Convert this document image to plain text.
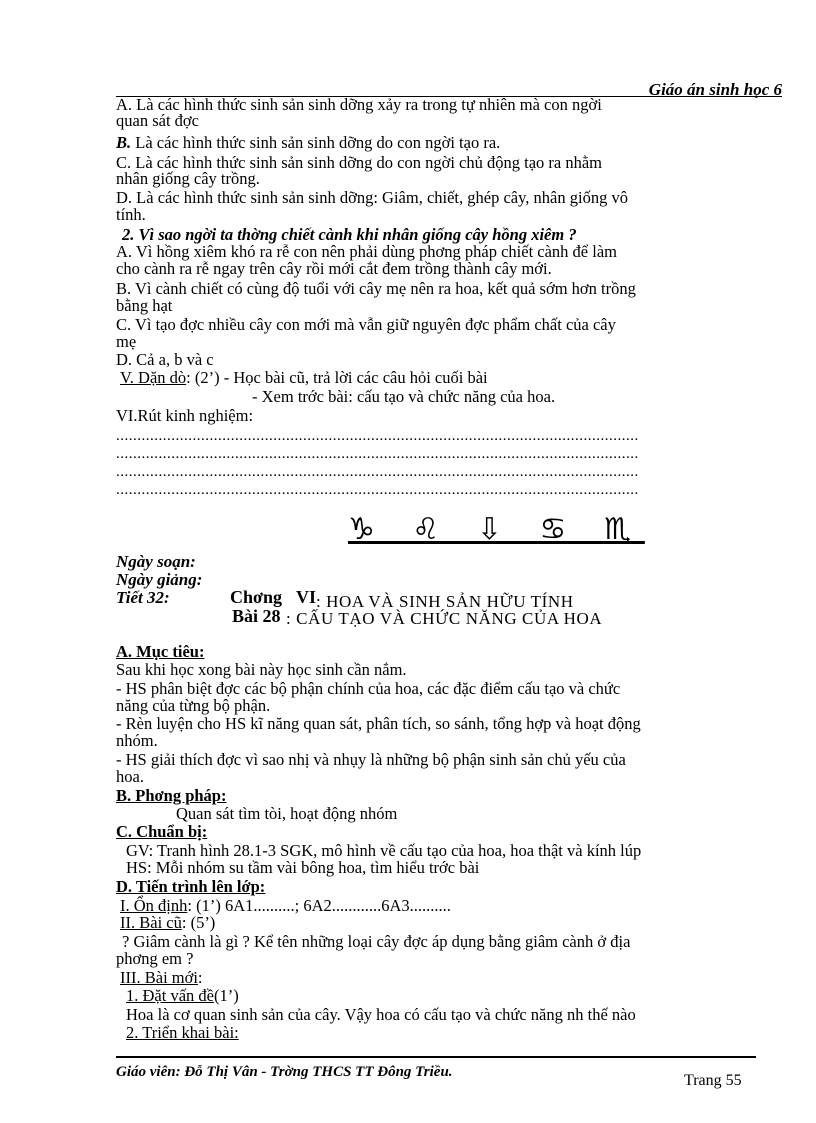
Giáo án sinh học 6
A. Là các hình thức sinh sản sinh dỡng xảy ra trong tự nhiên mà con ngời
quan sát đợc
B. Là các hình thức sinh sản sinh dỡng do con ngời tạo ra.
C. Là các hình thức sinh sản sinh dỡng do con ngời chủ động tạo ra nhằm
nhân giống cây trồng.
D. Là các hình thức sinh sản sinh dỡng: Giâm, chiết, ghép cây, nhân giống vô
tính.
2. Vì sao ngời ta thờng chiết cành khi nhân giống cây hồng xiêm ?
A. Vì hồng xiêm khó ra rễ con nên phải dùng phơng pháp chiết cành để làm
cho cành ra rễ ngay trên cây rồi mới cắt đem trồng thành cây mới.
B. Vì cành chiết có cùng độ tuổi với cây mẹ nên ra hoa, kết quả sớm hơn trồng
bằng hạt
C. Vì tạo đợc nhiều cây con mới mà vẫn giữ nguyên đợc phẩm chất của cây
mẹ
D. Cả a, b và c
V. Dặn dò: (2’) - Học bài cũ, trả lời các câu hỏi cuối bài
- Xem trớc bài: cấu tạo và chức năng của hoa.
VI.Rút kinh nghiệm:
...........................................................................................................................
...........................................................................................................................
...........................................................................................................................
...........................................................................................................................
♑ ♌ ⇩ ♋ ♏
Ngày soạn:
Ngày giảng:
Tiết 32:	Chơng VI : HOA VÀ SINH SẢN HỮU TÍNH
Bài 28 : CẤU TẠO VÀ CHỨC NĂNG CỦA HOA
A. Mục tiêu:
Sau khi học xong bài này học sinh cần nắm.
- HS phân biệt đợc các bộ phận chính của hoa, các đặc điểm cấu tạo và chức
năng của từng bộ phận.
- Rèn luyện cho HS kĩ năng quan sát, phân tích, so sánh, tổng hợp và hoạt động
nhóm.
- HS giải thích đợc vì sao nhị và nhụy là những bộ phận sinh sản chủ yếu của
hoa.
B. Phơng pháp:
Quan sát tìm tòi, hoạt động nhóm
C. Chuẩn bị:
GV: Tranh hình 28.1-3 SGK, mô hình về cấu tạo của hoa, hoa thật và kính lúp
HS: Mỗi nhóm su tầm vài bông hoa, tìm hiểu trớc bài
D. Tiến trình lên lớp:
I. Ổn định: (1’) 6A1..........; 6A2............6A3..........
II. Bài cũ: (5’)
? Giâm cành là gì ? Kể tên những loại cây đợc áp dụng bằng giâm cành ở địa
phơng em ?
III. Bài mới:
1. Đặt vấn đề(1’)
Hoa là cơ quan sinh sản của cây. Vậy hoa có cấu tạo và chức năng nh thế nào
2. Triển khai bài:
Giáo viên: Đỗ Thị Vân - Trờng THCS TT Đông Triều.	Trang 55
